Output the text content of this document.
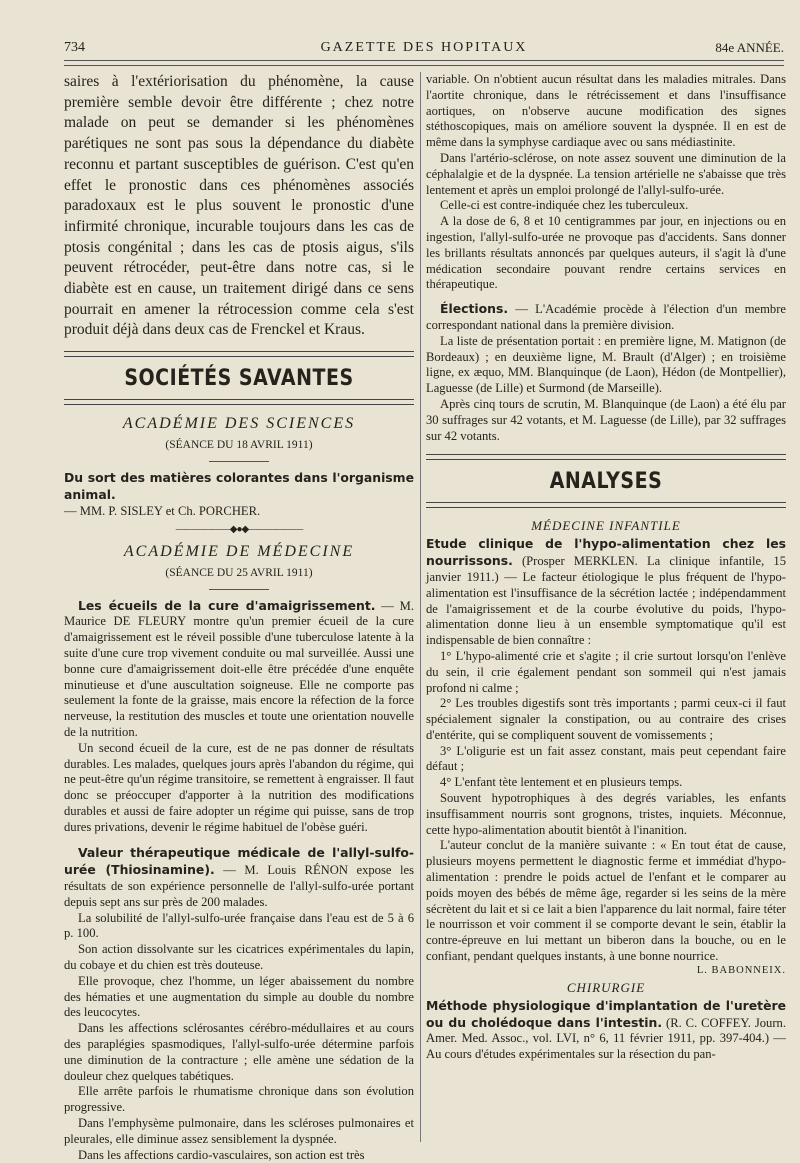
734	GAZETTE DES HOPITAUX	84e ANNÉE.

saires à l'extériorisation du phénomène, la cause première semble devoir être différente ; chez notre malade on peut se demander si les phénomènes parétiques ne sont pas sous la dépendance du diabète reconnu et partant susceptibles de guérison. C'est qu'en effet le pronostic dans ces phénomènes associés paradoxaux est le plus souvent le pronostic d'une infirmité chronique, incurable toujours dans les cas de ptosis congénital ; dans les cas de ptosis aigus, s'ils peuvent rétrocéder, peut-être dans notre cas, si le diabète est en cause, un traitement dirigé dans ce sens pourrait en amener la rétrocession comme cela s'est produit déjà dans deux cas de Frenckel et Kraus.

SOCIÉTÉS SAVANTES
ACADÉMIE DES SCIENCES
(SÉANCE DU 18 AVRIL 1911)

Du sort des matières colorantes dans l'organisme animal.

— MM. P. SISLEY et Ch. PORCHER.

——————◆●◆——————
ACADÉMIE DE MÉDECINE
(SÉANCE DU 25 AVRIL 1911)

Les écueils de la cure d'amaigrissement. — M. Maurice DE FLEURY montre qu'un premier écueil de la cure d'amaigrissement est le réveil possible d'une tuberculose latente à la suite d'une cure trop vivement conduite ou mal surveillée. Aussi une bonne cure d'amaigrissement doit-elle être précédée d'une enquête minutieuse et d'une auscultation soigneuse. Elle ne comporte pas seulement la fonte de la graisse, mais encore la réfection de la force nerveuse, la restitution des muscles et toute une orientation nouvelle de la nutrition.

Un second écueil de la cure, est de ne pas donner de résultats durables. Les malades, quelques jours après l'abandon du régime, qui ne peut-être qu'un régime transitoire, se remettent à engraisser. Il faut donc se préoccuper d'apporter à la nutrition des modifications durables et aussi de faire adopter un régime qui puisse, sans de trop dures privations, devenir le régime habituel de l'obèse guéri.

Valeur thérapeutique médicale de l'allyl-sulfo-urée (Thiosinamine). — M. Louis RÉNON expose les résultats de son expérience personnelle de l'allyl-sulfo-urée portant depuis sept ans sur près de 200 malades.

La solubilité de l'allyl-sulfo-urée française dans l'eau est de 5 à 6 p. 100.

Son action dissolvante sur les cicatrices expérimentales du lapin, du cobaye et du chien est très douteuse.

Elle provoque, chez l'homme, un léger abaissement du nombre des hématies et une augmentation du simple au double du nombre des leucocytes.

Dans les affections sclérosantes cérébro-médullaires et au cours des paraplégies spasmodiques, l'allyl-sulfo-urée détermine parfois une diminution de la contracture ; elle amène une sédation de la douleur chez quelques tabétiques.

Elle arrête parfois le rhumatisme chronique dans son évolution progressive.

Dans l'emphysème pulmonaire, dans les scléroses pulmonaires et pleurales, elle diminue assez sensiblement la dyspnée.

Dans les affections cardio-vasculaires, son action est très

variable. On n'obtient aucun résultat dans les maladies mitrales. Dans l'aortite chronique, dans le rétrécissement et dans l'insuffisance aortiques, on n'observe aucune modification des signes stéthoscopiques, mais on améliore souvent la dyspnée. Il en est de même dans la symphyse cardiaque avec ou sans médiastinite.

Dans l'artério-sclérose, on note assez souvent une diminution de la céphalalgie et de la dyspnée. La tension artérielle ne s'abaisse que très lentement et après un emploi prolongé de l'allyl-sulfo-urée.

Celle-ci est contre-indiquée chez les tuberculeux.

A la dose de 6, 8 et 10 centigrammes par jour, en injections ou en ingestion, l'allyl-sulfo-urée ne provoque pas d'accidents. Sans donner les brillants résultats annoncés par quelques auteurs, il s'agit là d'une médication secondaire pouvant rendre certains services en thérapeutique.

Élections. — L'Académie procède à l'élection d'un membre correspondant national dans la première division.

La liste de présentation portait : en première ligne, M. Matignon (de Bordeaux) ; en deuxième ligne, M. Brault (d'Alger) ; en troisième ligne, ex æquo, MM. Blanquinque (de Laon), Hédon (de Montpellier), Laguesse (de Lille) et Surmond (de Marseille).

Après cinq tours de scrutin, M. Blanquinque (de Laon) a été élu par 30 suffrages sur 42 votants, et M. Laguesse (de Lille), par 32 suffrages sur 42 votants.

ANALYSES
MÉDECINE INFANTILE

Etude clinique de l'hypo-alimentation chez les nourrissons. (Prosper MERKLEN. La clinique infantile, 15 janvier 1911.) — Le facteur étiologique le plus fréquent de l'hypo-alimentation est l'insuffisance de la sécrétion lactée ; indépendamment de l'amaigrissement et de la courbe évolutive du poids, l'hypo-alimentation donne lieu à un ensemble symptomatique qu'il est indispensable de bien connaître :

1° L'hypo-alimenté crie et s'agite ; il crie surtout lorsqu'on l'enlève du sein, il crie également pendant son sommeil qui n'est jamais profond ni calme ;

2° Les troubles digestifs sont très importants ; parmi ceux-ci il faut spécialement signaler la constipation, ou au contraire des crises d'entérite, qui se compliquent souvent de vomissements ;

3° L'oligurie est un fait assez constant, mais peut cependant faire défaut ;

4° L'enfant tète lentement et en plusieurs temps.

Souvent hypotrophiques à des degrés variables, les enfants insuffisamment nourris sont grognons, tristes, inquiets. Méconnue, cette hypo-alimentation aboutit bientôt à l'inanition.

L'auteur conclut de la manière suivante : « En tout état de cause, plusieurs moyens permettent le diagnostic ferme et immédiat d'hypo-alimentation : prendre le poids actuel de l'enfant et le comparer au poids moyen des bébés de même âge, regarder si les seins de la mère sécrètent du lait et si ce lait a bien l'apparence du lait normal, faire téter le nourrisson et voir comment il se comporte devant le sein, établir la contre-épreuve en lui mettant un biberon dans la bouche, ou en le confiant, pendant quelques instants, à une bonne nourrice.

L. BABONNEIX.
CHIRURGIE

Méthode physiologique d'implantation de l'uretère ou du cholédoque dans l'intestin. (R. C. COFFEY. Journ. Amer. Med. Assoc., vol. LVI, n° 6, 11 février 1911, pp. 397-404.) — Au cours d'études expérimentales sur la résection du pan-
